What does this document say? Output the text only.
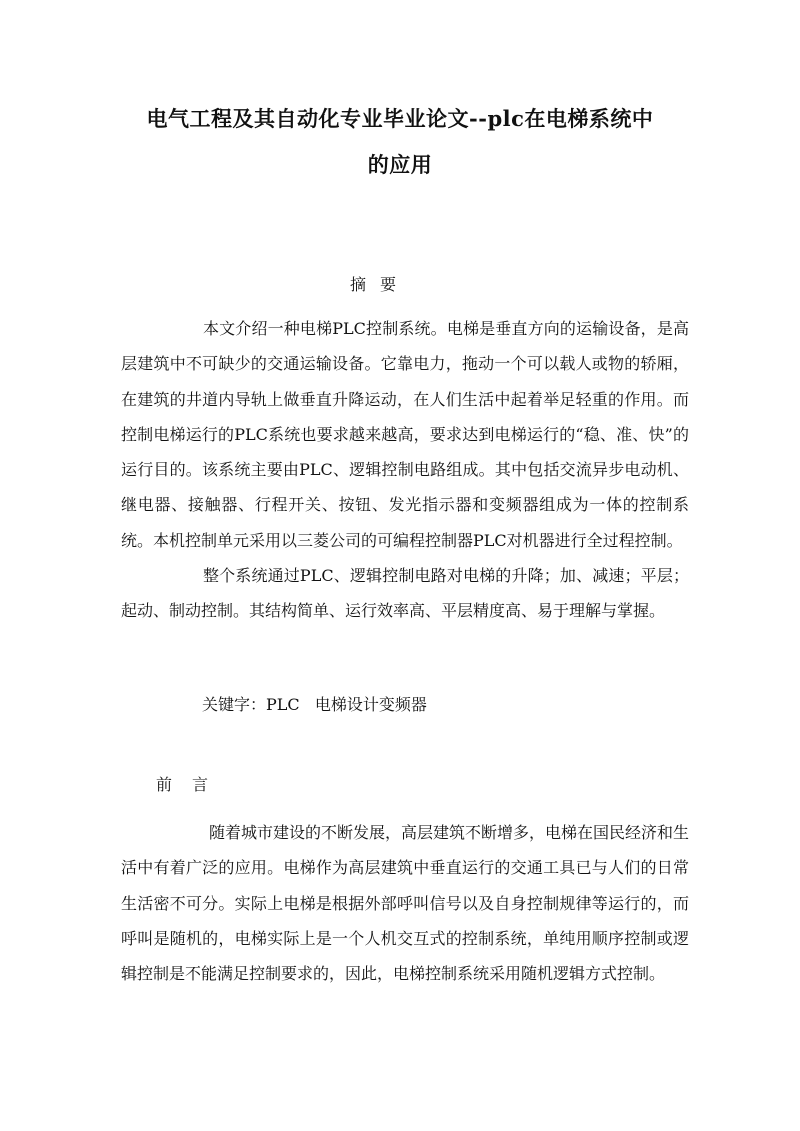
电气工程及其自动化专业毕业论文--plc在电梯系统中
的应用
摘要

本文介绍一种电梯PLC控制系统。电梯是垂直方向的运输设备，是高层建筑中不可缺少的交通运输设备。它靠电力，拖动一个可以载人或物的轿厢，在建筑的井道内导轨上做垂直升降运动，在人们生活中起着举足轻重的作用。而控制电梯运行的PLC系统也要求越来越高，要求达到电梯运行的“稳、准、快”的运行目的。该系统主要由PLC、逻辑控制电路组成。其中包括交流异步电动机、继电器、接触器、行程开关、按钮、发光指示器和变频器组成为一体的控制系统。本机控制单元采用以三菱公司的可编程控制器PLC对机器进行全过程控制。

整个系统通过PLC、逻辑控制电路对电梯的升降；加、减速；平层；起动、制动控制。其结构简单、运行效率高、平层精度高、易于理解与掌握。

关键字：PLC   电梯设计变频器
前言

随着城市建设的不断发展，高层建筑不断增多，电梯在国民经济和生活中有着广泛的应用。电梯作为高层建筑中垂直运行的交通工具已与人们的日常生活密不可分。实际上电梯是根据外部呼叫信号以及自身控制规律等运行的，而呼叫是随机的，电梯实际上是一个人机交互式的控制系统，单纯用顺序控制或逻辑控制是不能满足控制要求的，因此，电梯控制系统采用随机逻辑方式控制。
